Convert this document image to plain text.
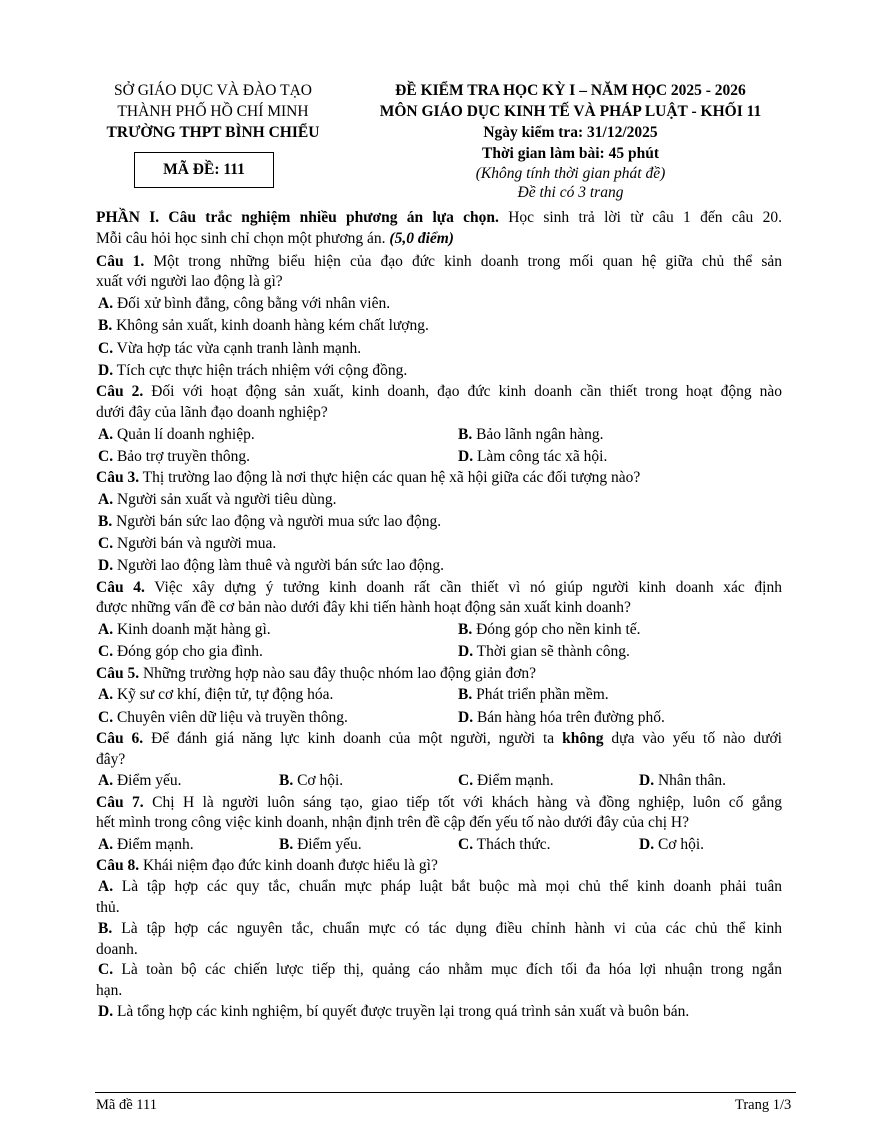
SỞ GIÁO DỤC VÀ ĐÀO TẠO
THÀNH PHỐ HỒ CHÍ MINH
TRƯỜNG THPT BÌNH CHIỂU
MÃ ĐỀ: 111
ĐỀ KIỂM TRA HỌC KỲ I – NĂM HỌC 2025 - 2026
MÔN GIÁO DỤC KINH TẾ VÀ PHÁP LUẬT - KHỐI 11
Ngày kiểm tra: 31/12/2025
Thời gian làm bài: 45 phút
(Không tính thời gian phát đề)
Đề thi có 3 trang
PHẦN I. Câu trắc nghiệm nhiều phương án lựa chọn. Học sinh trả lời từ câu 1 đến câu 20.
Mỗi câu hỏi học sinh chỉ chọn một phương án. (5,0 điểm)
Câu 1. Một trong những biểu hiện của đạo đức kinh doanh trong mối quan hệ giữa chủ thể sản
xuất với người lao động là gì?
A. Đối xử bình đẳng, công bằng với nhân viên.
B. Không sản xuất, kinh doanh hàng kém chất lượng.
C. Vừa hợp tác vừa cạnh tranh lành mạnh.
D. Tích cực thực hiện trách nhiệm với cộng đồng.
Câu 2. Đối với hoạt động sản xuất, kinh doanh, đạo đức kinh doanh cần thiết trong hoạt động nào
dưới đây của lãnh đạo doanh nghiệp?
A. Quản lí doanh nghiệp.	B. Bảo lãnh ngân hàng.
C. Bảo trợ truyền thông.	D. Làm công tác xã hội.
Câu 3. Thị trường lao động là nơi thực hiện các quan hệ xã hội giữa các đối tượng nào?
A. Người sản xuất và người tiêu dùng.
B. Người bán sức lao động và người mua sức lao động.
C. Người bán và người mua.
D. Người lao động làm thuê và người bán sức lao động.
Câu 4. Việc xây dựng ý tưởng kinh doanh rất cần thiết vì nó giúp người kinh doanh xác định
được những vấn đề cơ bản nào dưới đây khi tiến hành hoạt động sản xuất kinh doanh?
A. Kinh doanh mặt hàng gì.	B. Đóng góp cho nền kinh tế.
C. Đóng góp cho gia đình.	D. Thời gian sẽ thành công.
Câu 5. Những trường hợp nào sau đây thuộc nhóm lao động giản đơn?
A. Kỹ sư cơ khí, điện tử, tự động hóa.	B. Phát triển phần mềm.
C. Chuyên viên dữ liệu và truyền thông.	D. Bán hàng hóa trên đường phố.
Câu 6. Để đánh giá năng lực kinh doanh của một người, người ta không dựa vào yếu tố nào dưới
đây?
A. Điểm yếu.	B. Cơ hội.	C. Điểm mạnh.	D. Nhân thân.
Câu 7. Chị H là người luôn sáng tạo, giao tiếp tốt với khách hàng và đồng nghiệp, luôn cố gắng
hết mình trong công việc kinh doanh, nhận định trên đề cập đến yếu tố nào dưới đây của chị H?
A. Điểm mạnh.	B. Điểm yếu.	C. Thách thức.	D. Cơ hội.
Câu 8. Khái niệm đạo đức kinh doanh được hiểu là gì?
A. Là tập hợp các quy tắc, chuẩn mực pháp luật bắt buộc mà mọi chủ thể kinh doanh phải tuân
thủ.
B. Là tập hợp các nguyên tắc, chuẩn mực có tác dụng điều chỉnh hành vi của các chủ thể kinh
doanh.
C. Là toàn bộ các chiến lược tiếp thị, quảng cáo nhằm mục đích tối đa hóa lợi nhuận trong ngắn
hạn.
D. Là tổng hợp các kinh nghiệm, bí quyết được truyền lại trong quá trình sản xuất và buôn bán.
Mã đề 111	Trang 1/3
